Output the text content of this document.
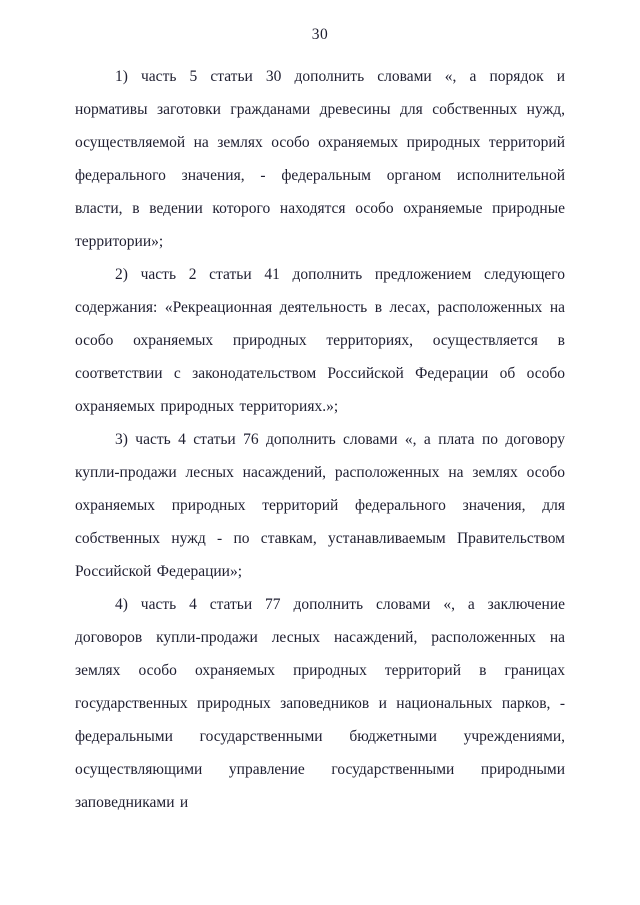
30

1) часть 5 статьи 30 дополнить словами «, а порядок и нормативы заготовки гражданами древесины для собственных нужд, осуществляемой на землях особо охраняемых природных территорий федерального значения, - федеральным органом исполнительной власти, в ведении которого находятся особо охраняемые природные территории»;

2) часть 2 статьи 41 дополнить предложением следующего содержания: «Рекреационная деятельность в лесах, расположенных на особо охраняемых природных территориях, осуществляется в соответствии с законодательством Российской Федерации об особо охраняемых природных территориях.»;

3) часть 4 статьи 76 дополнить словами «, а плата по договору купли-продажи лесных насаждений, расположенных на землях особо охраняемых природных территорий федерального значения, для собственных нужд - по ставкам, устанавливаемым Правительством Российской Федерации»;

4) часть 4 статьи 77 дополнить словами «, а заключение договоров купли-продажи лесных насаждений, расположенных на землях особо охраняемых природных территорий в границах государственных природных заповедников и национальных парков, - федеральными государственными бюджетными учреждениями, осуществляющими управление государственными природными заповедниками и
